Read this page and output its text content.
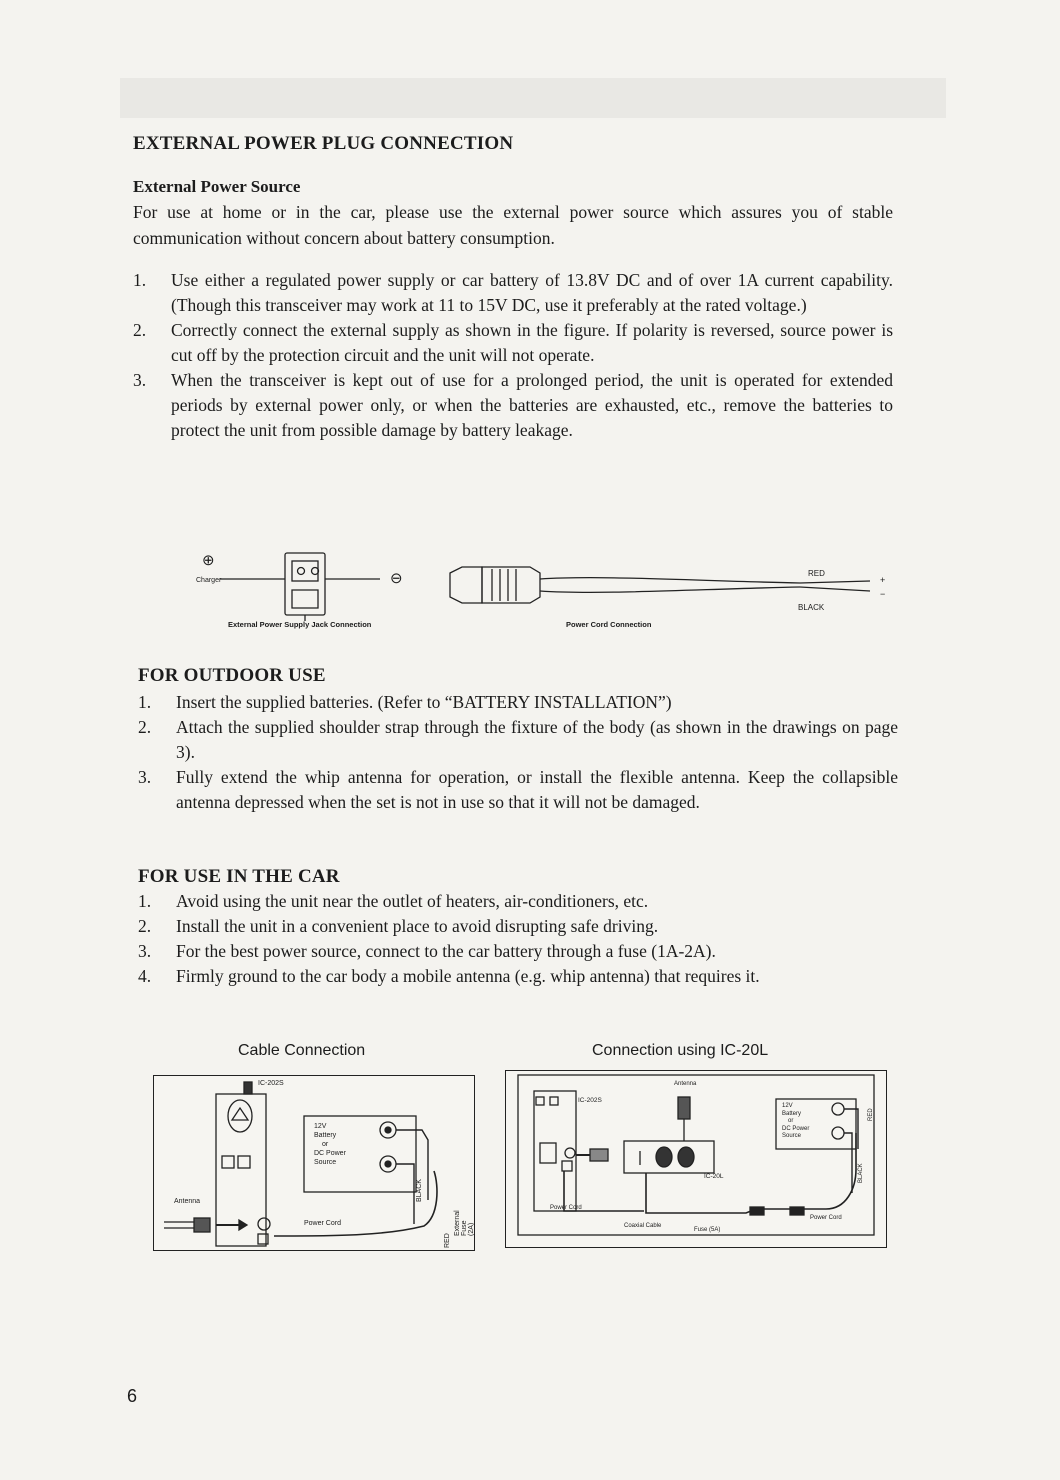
EXTERNAL POWER PLUG CONNECTION
External Power Source

For use at home or in the car, please use the external power source which assures you of stable communication without concern about battery consumption.

1. Use either a regulated power supply or car battery of 13.8V DC and of over 1A current capability. (Though this transceiver may work at 11 to 15V DC, use it preferably at the rated voltage.)
2. Correctly connect the external supply as shown in the figure. If polarity is reversed, source power is cut off by the protection circuit and the unit will not operate.
3. When the transceiver is kept out of use for a prolonged period, the unit is operated for extended periods by external power only, or when the batteries are exhausted, etc., remove the batteries to protect the unit from possible damage by battery leakage.
⊕
Charger	⊖
External Power Supply Jack Connection	Power Cord Connection
RED
BLACK
+
−
FOR OUTDOOR USE
1. Insert the supplied batteries. (Refer to “BATTERY INSTALLATION”)
2. Attach the supplied shoulder strap through the fixture of the body (as shown in the drawings on page 3).
3. Fully extend the whip antenna for operation, or install the flexible antenna. Keep the collapsible antenna depressed when the set is not in use so that it will not be damaged.
FOR USE IN THE CAR
1. Avoid using the unit near the outlet of heaters, air-conditioners, etc.
2. Install the unit in a convenient place to avoid disrupting safe driving.
3. For the best power source, connect to the car battery through a fuse (1A-2A).
4. Firmly ground to the car body a mobile antenna (e.g. whip antenna) that requires it.
Cable Connection
IC-202S
12V
Battery
or
DC Power
Source
Antenna
Power Cord
BLACK
RED
External Fuse (2A)
Connection using IC-20L
Antenna
IC-202S
IC-20L
12V
Battery
or
DC Power
Source
Power Cord
Coaxial Cable
Fuse (5A)
Power Cord
RED
BLACK
6
